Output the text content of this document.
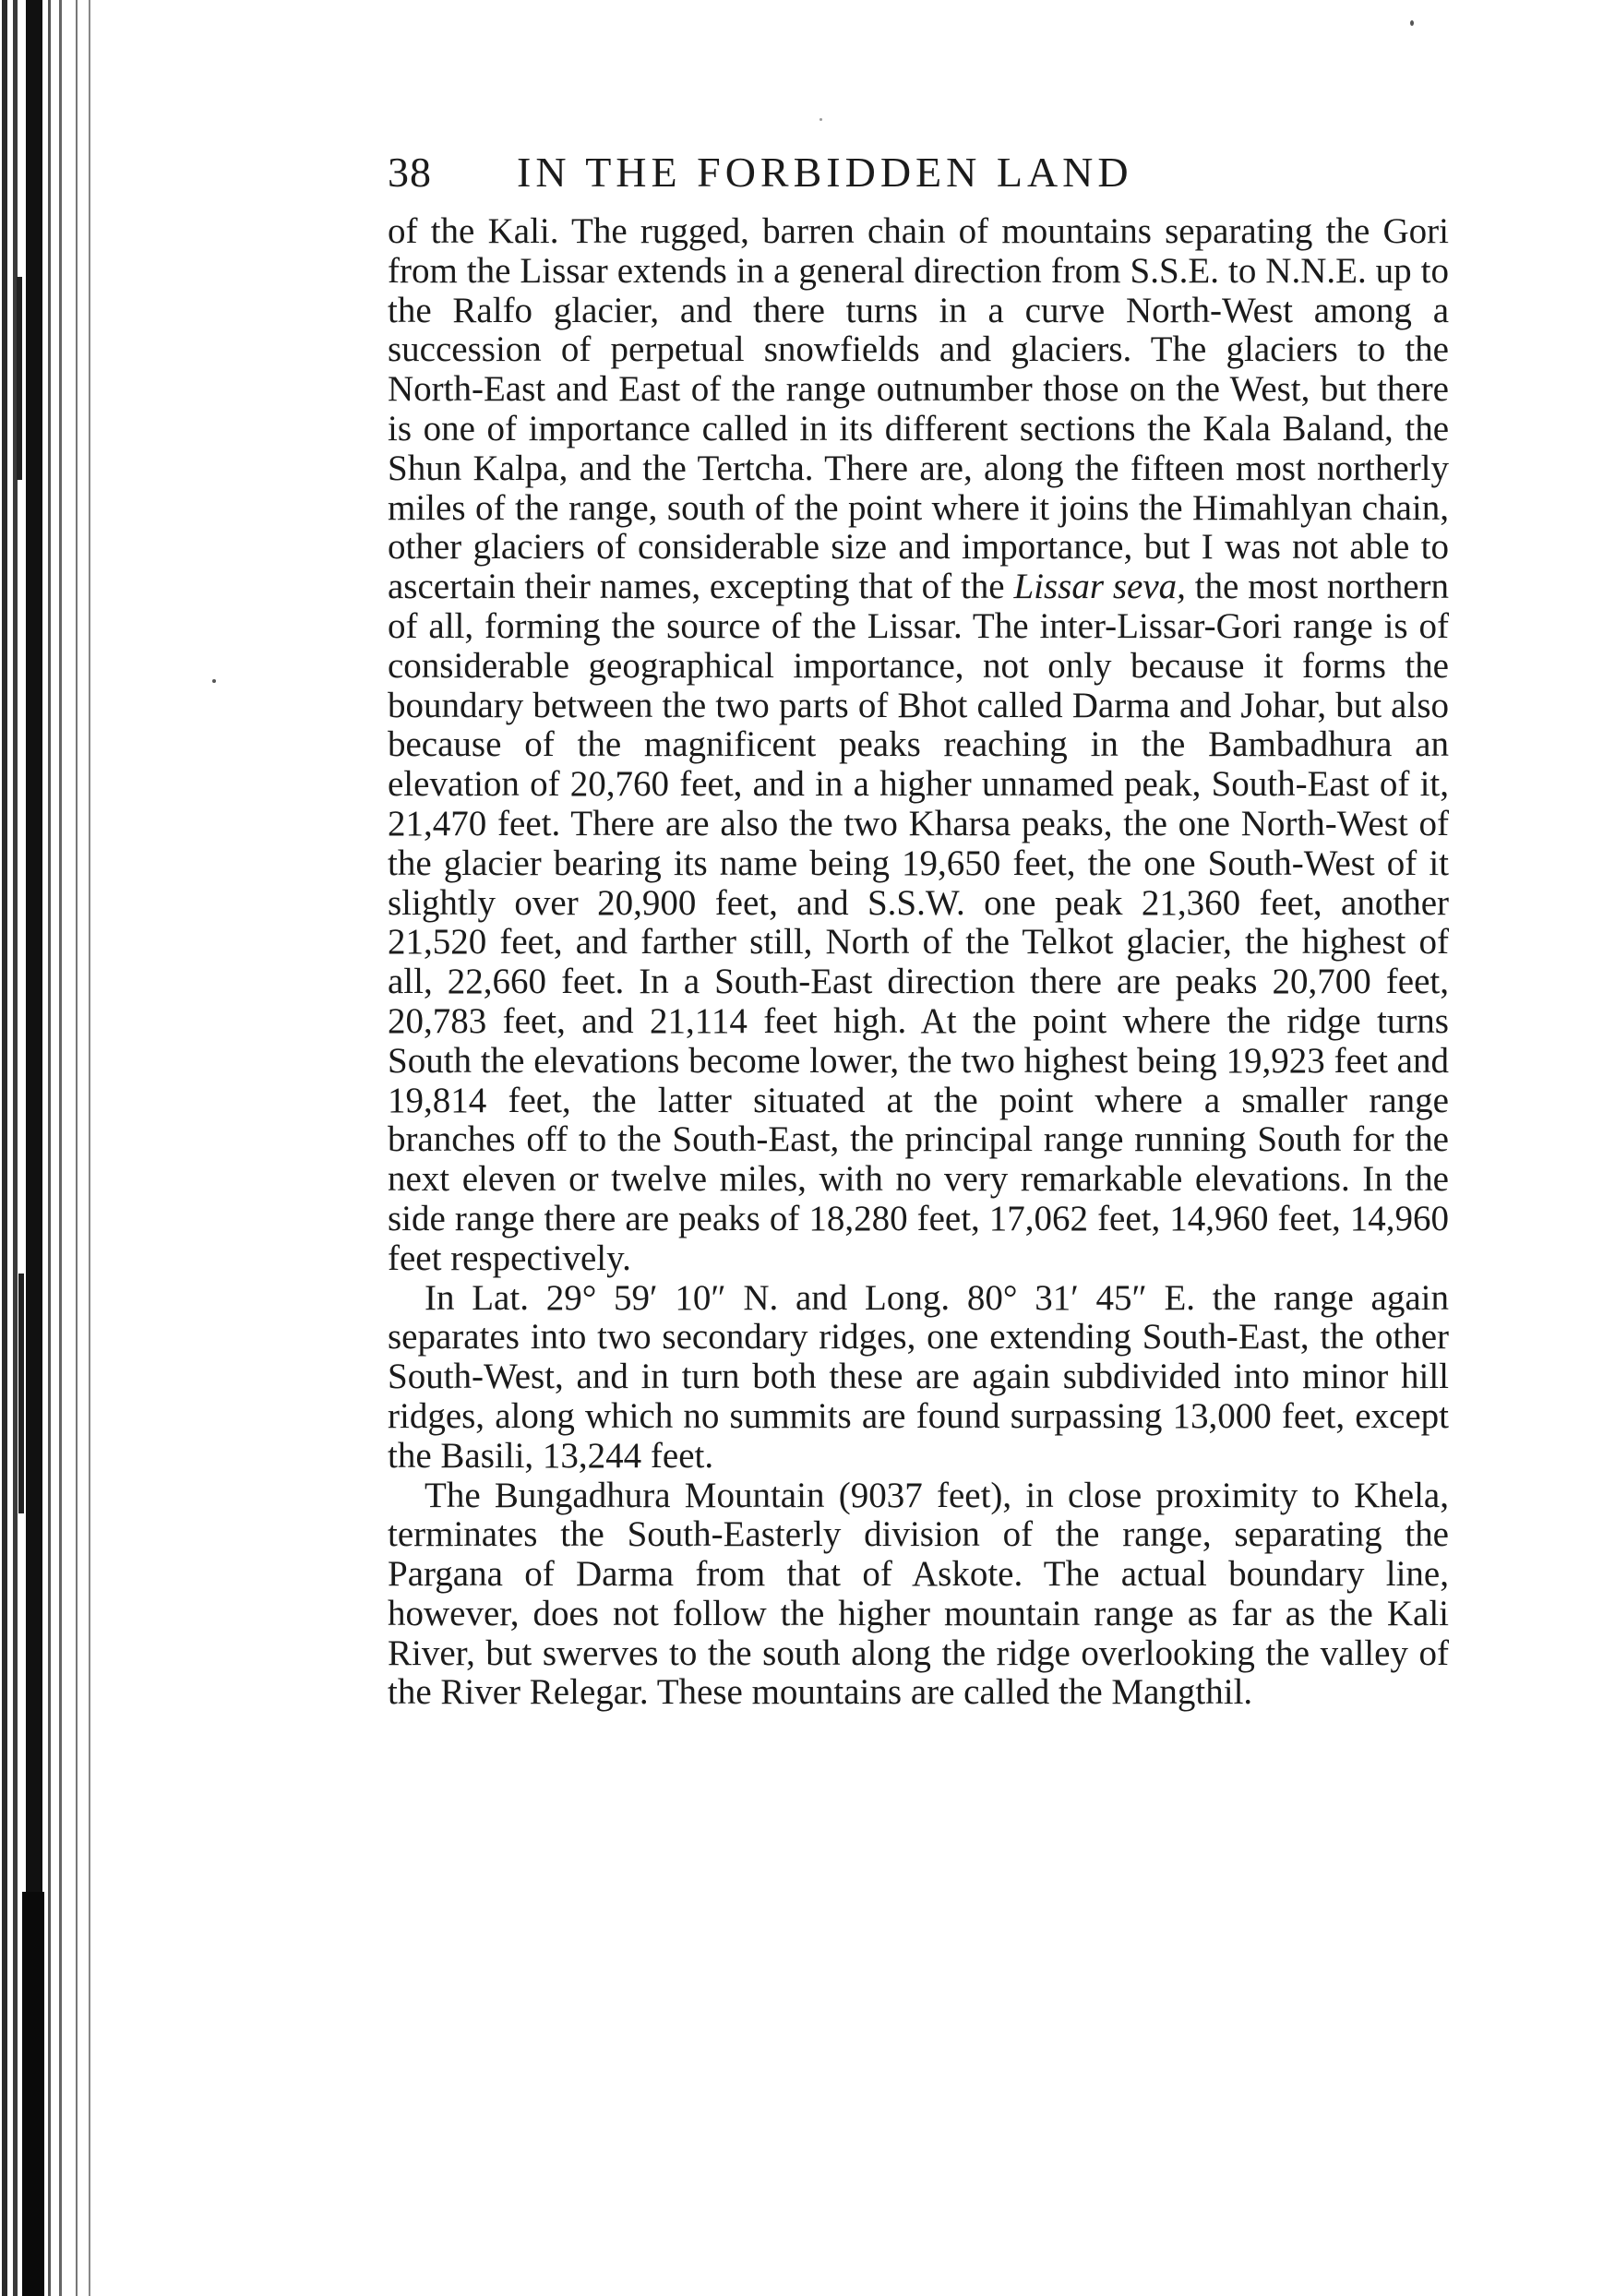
38	IN THE FORBIDDEN LAND

of the Kali. The rugged, barren chain of mountains separating the Gori from the Lissar extends in a general direction from S.S.E. to N.N.E. up to the Ralfo glacier, and there turns in a curve North-West among a succession of perpetual snowfields and glaciers. The glaciers to the North-East and East of the range outnumber those on the West, but there is one of importance called in its different sections the Kala Baland, the Shun Kalpa, and the Tertcha. There are, along the fifteen most northerly miles of the range, south of the point where it joins the Himahlyan chain, other glaciers of considerable size and importance, but I was not able to ascertain their names, excepting that of the Lissar seva, the most northern of all, forming the source of the Lissar. The inter-Lissar-Gori range is of considerable geographical importance, not only because it forms the boundary between the two parts of Bhot called Darma and Johar, but also because of the magnificent peaks reaching in the Bambadhura an elevation of 20,760 feet, and in a higher unnamed peak, South-East of it, 21,470 feet. There are also the two Kharsa peaks, the one North-West of the glacier bearing its name being 19,650 feet, the one South-West of it slightly over 20,900 feet, and S.S.W. one peak 21,360 feet, another 21,520 feet, and farther still, North of the Telkot glacier, the highest of all, 22,660 feet. In a South-East direction there are peaks 20,700 feet, 20,783 feet, and 21,114 feet high. At the point where the ridge turns South the elevations become lower, the two highest being 19,923 feet and 19,814 feet, the latter situated at the point where a smaller range branches off to the South-East, the principal range running South for the next eleven or twelve miles, with no very remarkable elevations. In the side range there are peaks of 18,280 feet, 17,062 feet, 14,960 feet, 14,960 feet respectively.

In Lat. 29° 59′ 10″ N. and Long. 80° 31′ 45″ E. the range again separates into two secondary ridges, one extending South-East, the other South-West, and in turn both these are again subdivided into minor hill ridges, along which no summits are found surpassing 13,000 feet, except the Basili, 13,244 feet.

The Bungadhura Mountain (9037 feet), in close proximity to Khela, terminates the South-Easterly division of the range, separating the Pargana of Darma from that of Askote. The actual boundary line, however, does not follow the higher mountain range as far as the Kali River, but swerves to the south along the ridge overlooking the valley of the River Relegar. These mountains are called the Mangthil.
